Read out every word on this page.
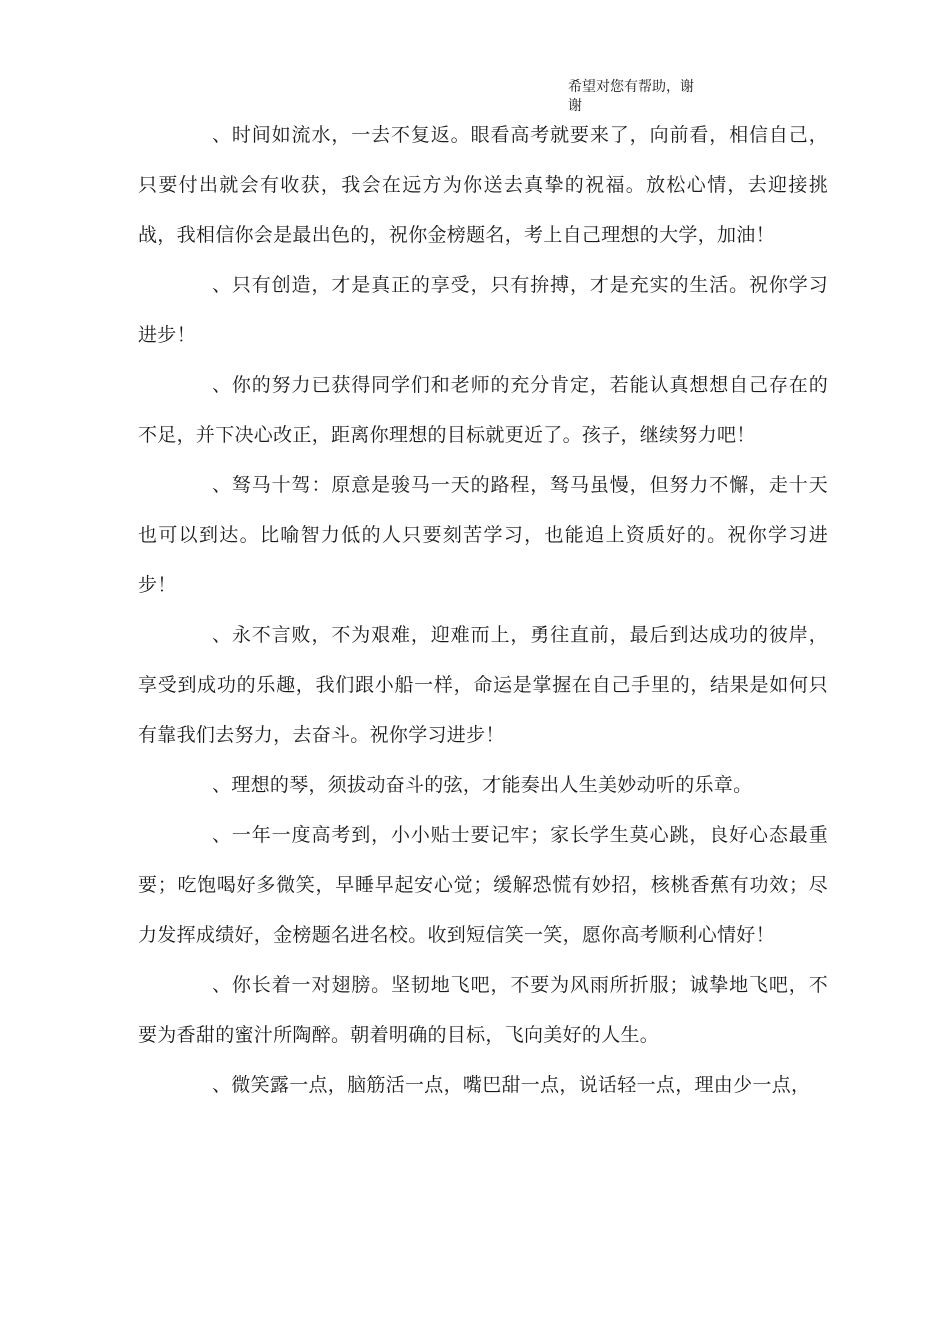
希望对您有帮助，谢
谢

、时间如流水，一去不复返。眼看高考就要来了，向前看，相信自己，只要付出就会有收获，我会在远方为你送去真挚的祝福。放松心情，去迎接挑战，我相信你会是最出色的，祝你金榜题名，考上自己理想的大学，加油！

、只有创造，才是真正的享受，只有拚搏，才是充实的生活。祝你学习进步！

、你的努力已获得同学们和老师的充分肯定，若能认真想想自己存在的不足，并下决心改正，距离你理想的目标就更近了。孩子，继续努力吧！

、驽马十驾：原意是骏马一天的路程，驽马虽慢，但努力不懈，走十天也可以到达。比喻智力低的人只要刻苦学习，也能追上资质好的。祝你学习进步！

、永不言败，不为艰难，迎难而上，勇往直前，最后到达成功的彼岸，享受到成功的乐趣，我们跟小船一样，命运是掌握在自己手里的，结果是如何只有靠我们去努力，去奋斗。祝你学习进步！

、理想的琴，须拔动奋斗的弦，才能奏出人生美妙动听的乐章。

、一年一度高考到，小小贴士要记牢；家长学生莫心跳，良好心态最重要；吃饱喝好多微笑，早睡早起安心觉；缓解恐慌有妙招，核桃香蕉有功效；尽力发挥成绩好，金榜题名进名校。收到短信笑一笑，愿你高考顺利心情好！

、你长着一对翅膀。坚韧地飞吧，不要为风雨所折服；诚挚地飞吧，不要为香甜的蜜汁所陶醉。朝着明确的目标，飞向美好的人生。

、微笑露一点，脑筋活一点，嘴巴甜一点，说话轻一点，理由少一点，
